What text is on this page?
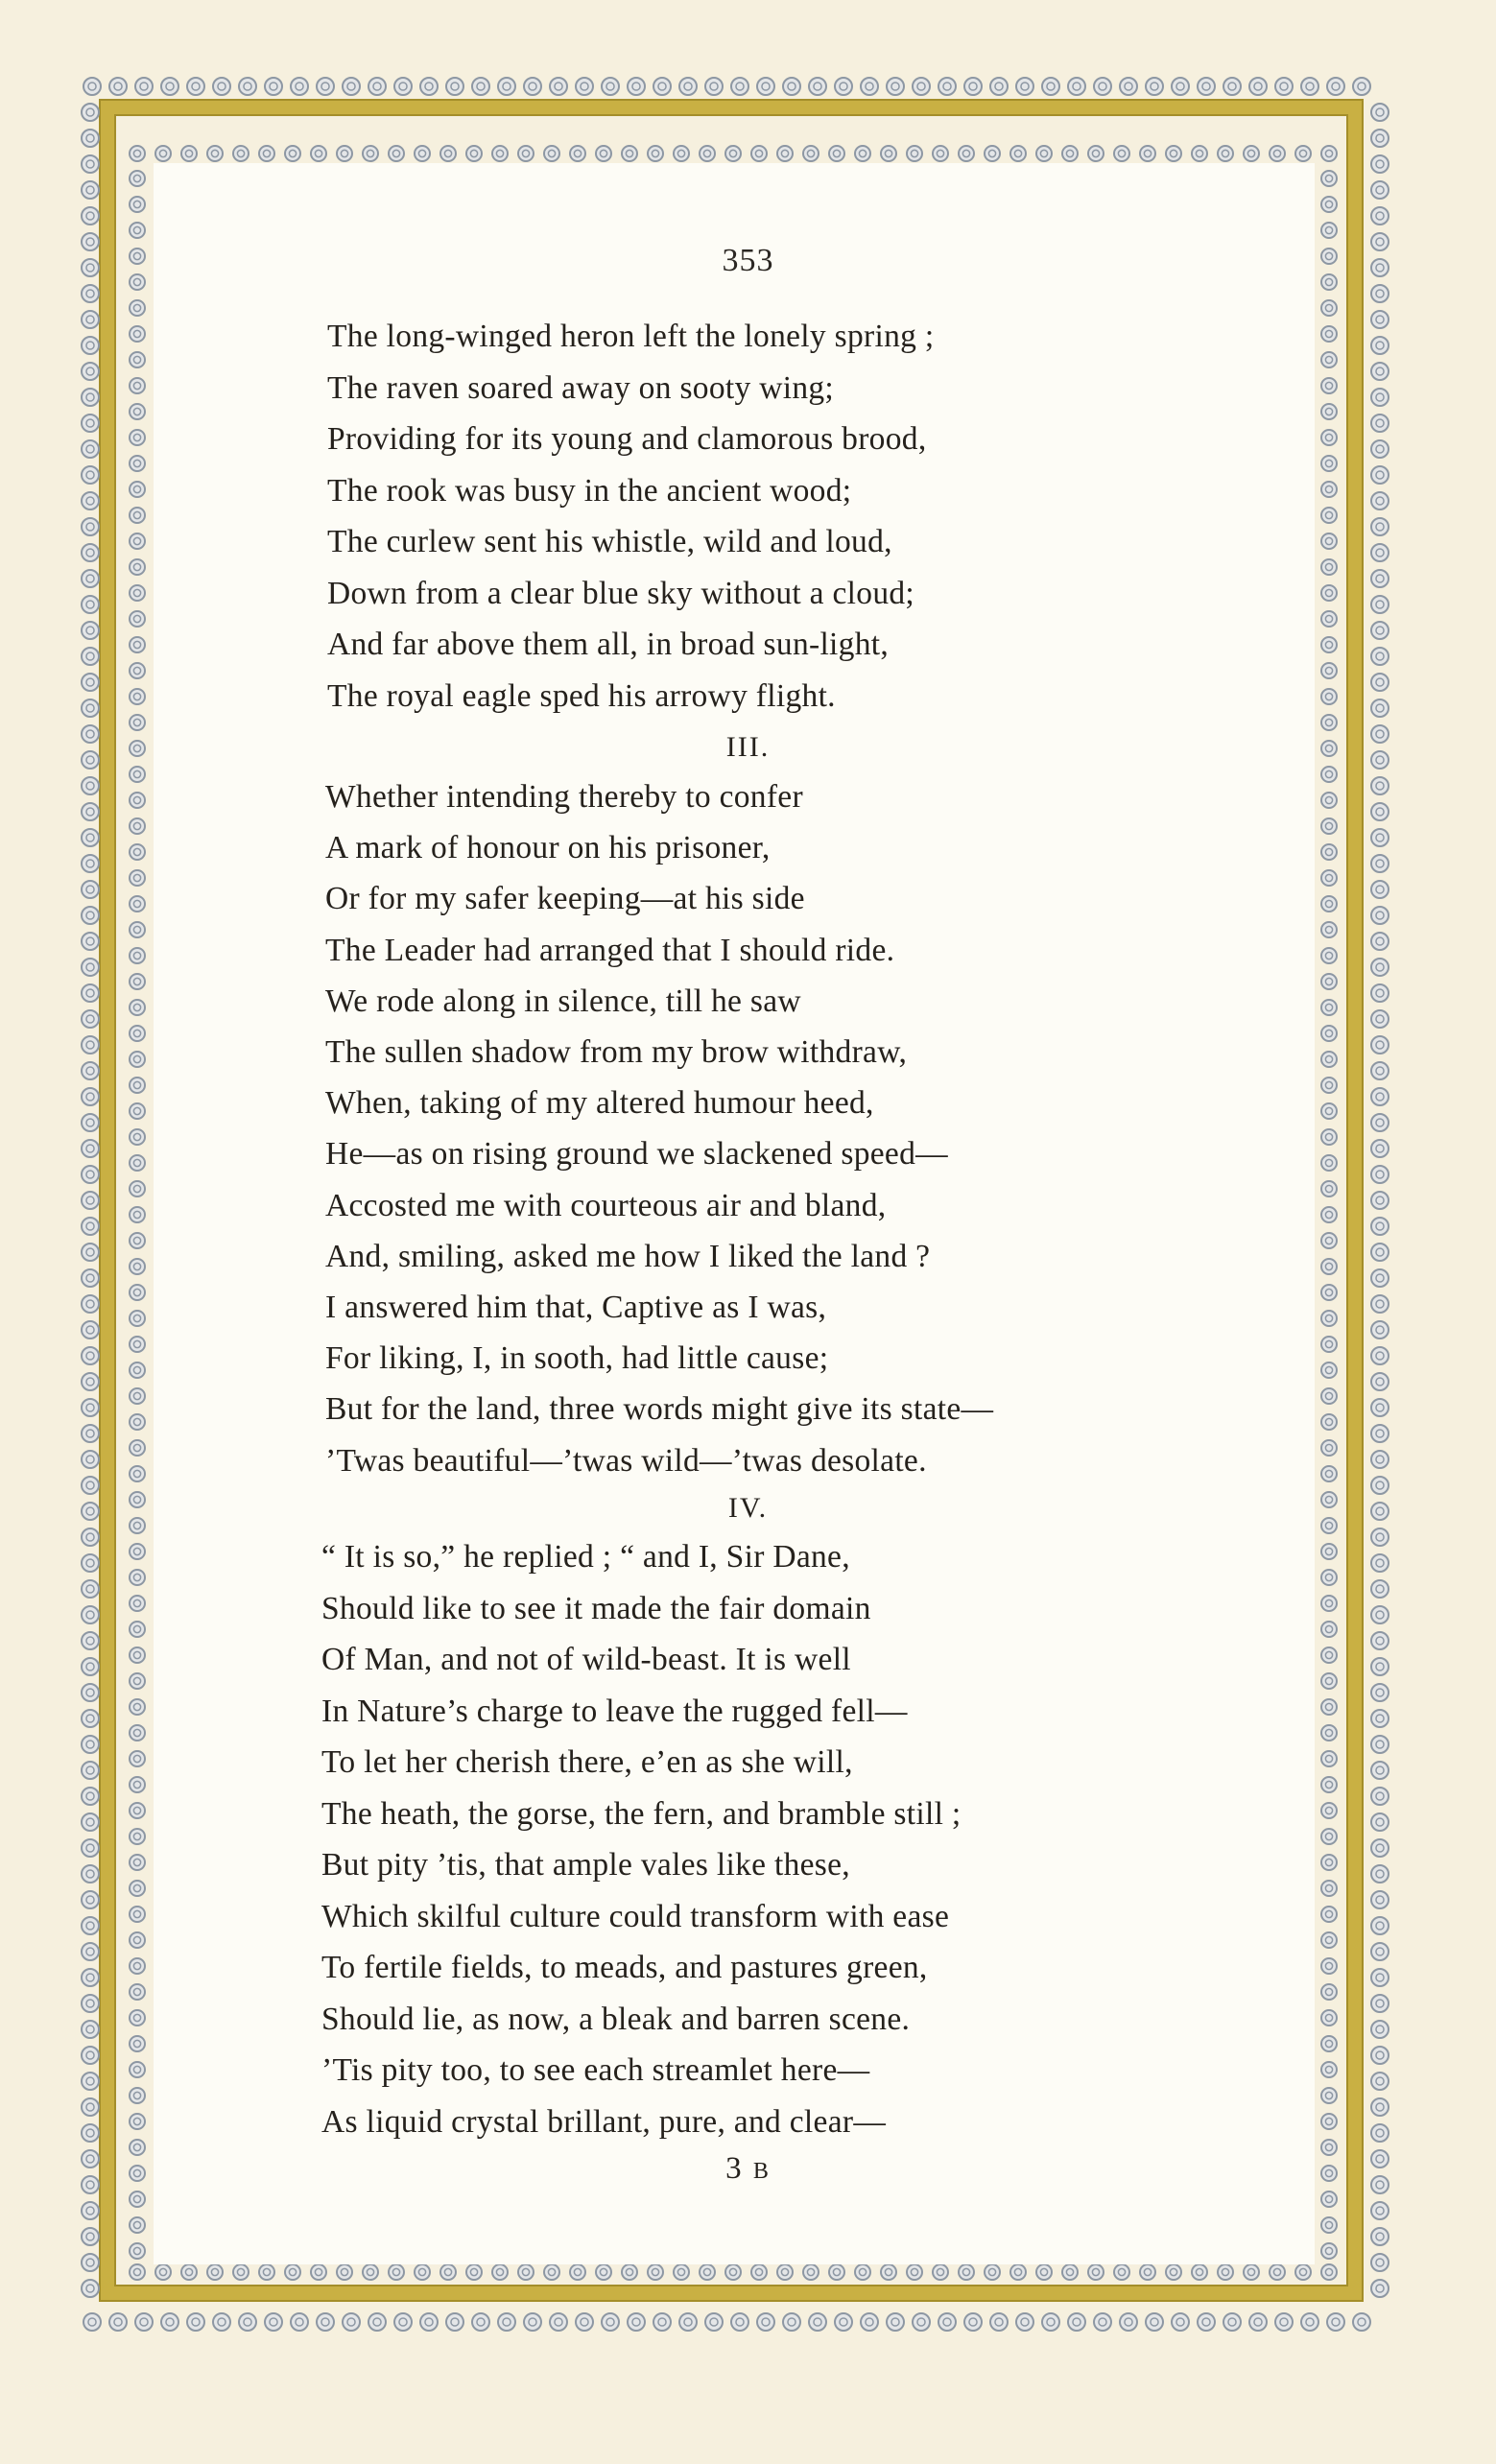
353
The long-winged heron left the lonely spring ;
The raven soared away on sooty wing;
Providing for its young and clamorous brood,
The rook was busy in the ancient wood;
The curlew sent his whistle, wild and loud,
Down from a clear blue sky without a cloud;
And far above them all, in broad sun-light,
The royal eagle sped his arrowy flight.
III.
Whether intending thereby to confer
A mark of honour on his prisoner,
Or for my safer keeping—at his side
The Leader had arranged that I should ride.
We rode along in silence, till he saw
The sullen shadow from my brow withdraw,
When, taking of my altered humour heed,
He—as on rising ground we slackened speed—
Accosted me with courteous air and bland,
And, smiling, asked me how I liked the land ?
I answered him that, Captive as I was,
For liking, I, in sooth, had little cause;
But for the land, three words might give its state—
’Twas beautiful—’twas wild—’twas desolate.
IV.
“ It is so,” he replied ; “ and I, Sir Dane,
Should like to see it made the fair domain
Of Man, and not of wild-beast. It is well
In Nature’s charge to leave the rugged fell—
To let her cherish there, e’en as she will,
The heath, the gorse, the fern, and bramble still ;
But pity ’tis, that ample vales like these,
Which skilful culture could transform with ease
To fertile fields, to meads, and pastures green,
Should lie, as now, a bleak and barren scene.
’Tis pity too, to see each streamlet here—
As liquid crystal brillant, pure, and clear—
3 B
